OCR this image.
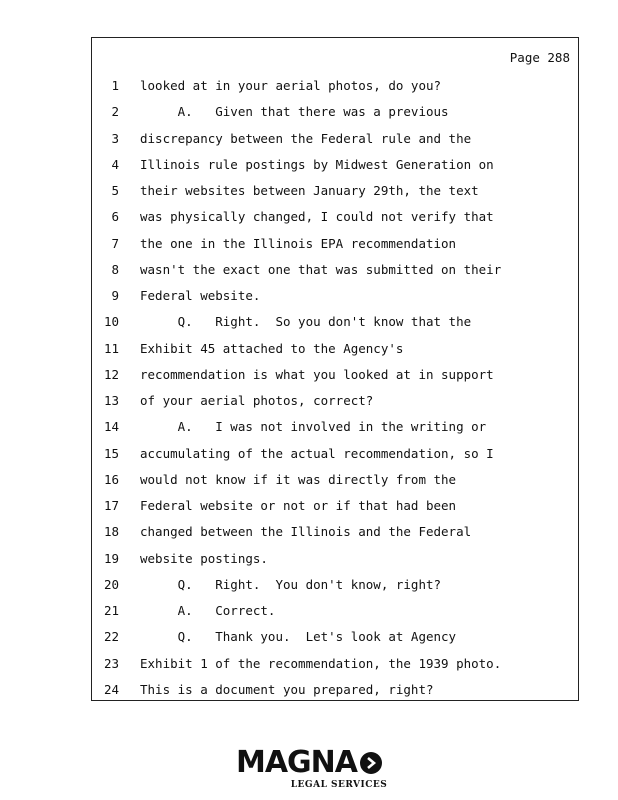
Page 288
1 looked at in your aerial photos, do you?
2 A.   Given that there was a previous
3 discrepancy between the Federal rule and the
4 Illinois rule postings by Midwest Generation on
5 their websites between January 29th, the text
6 was physically changed, I could not verify that
7 the one in the Illinois EPA recommendation
8 wasn't the exact one that was submitted on their
9 Federal website.
10 Q.   Right.  So you don't know that the
11 Exhibit 45 attached to the Agency's
12 recommendation is what you looked at in support
13 of your aerial photos, correct?
14 A.   I was not involved in the writing or
15 accumulating of the actual recommendation, so I
16 would not know if it was directly from the
17 Federal website or not or if that had been
18 changed between the Illinois and the Federal
19 website postings.
20 Q.   Right.  You don't know, right?
21 A.   Correct.
22 Q.   Thank you.  Let's look at Agency
23 Exhibit 1 of the recommendation, the 1939 photo.
24 This is a document you prepared, right?
MAGNA
LEGAL SERVICES
